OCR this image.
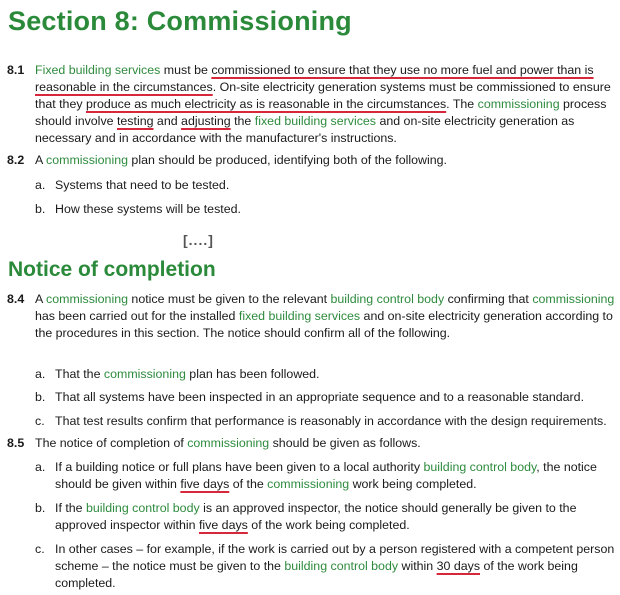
Section 8: Commissioning
8.1 Fixed building services must be commissioned to ensure that they use no more fuel and power than is reasonable in the circumstances. On-site electricity generation systems must be commissioned to ensure that they produce as much electricity as is reasonable in the circumstances. The commissioning process should involve testing and adjusting the fixed building services and on-site electricity generation as necessary and in accordance with the manufacturer's instructions.
8.2 A commissioning plan should be produced, identifying both of the following.
a. Systems that need to be tested.
b. How these systems will be tested.
[....]
Notice of completion
8.4 A commissioning notice must be given to the relevant building control body confirming that commissioning has been carried out for the installed fixed building services and on-site electricity generation according to the procedures in this section. The notice should confirm all of the following.
a. That the commissioning plan has been followed.
b. That all systems have been inspected in an appropriate sequence and to a reasonable standard.
c. That test results confirm that performance is reasonably in accordance with the design requirements.
8.5 The notice of completion of commissioning should be given as follows.
a. If a building notice or full plans have been given to a local authority building control body, the notice should be given within five days of the commissioning work being completed.
b. If the building control body is an approved inspector, the notice should generally be given to the approved inspector within five days of the work being completed.
c. In other cases – for example, if the work is carried out by a person registered with a competent person scheme – the notice must be given to the building control body within 30 days of the work being completed.
